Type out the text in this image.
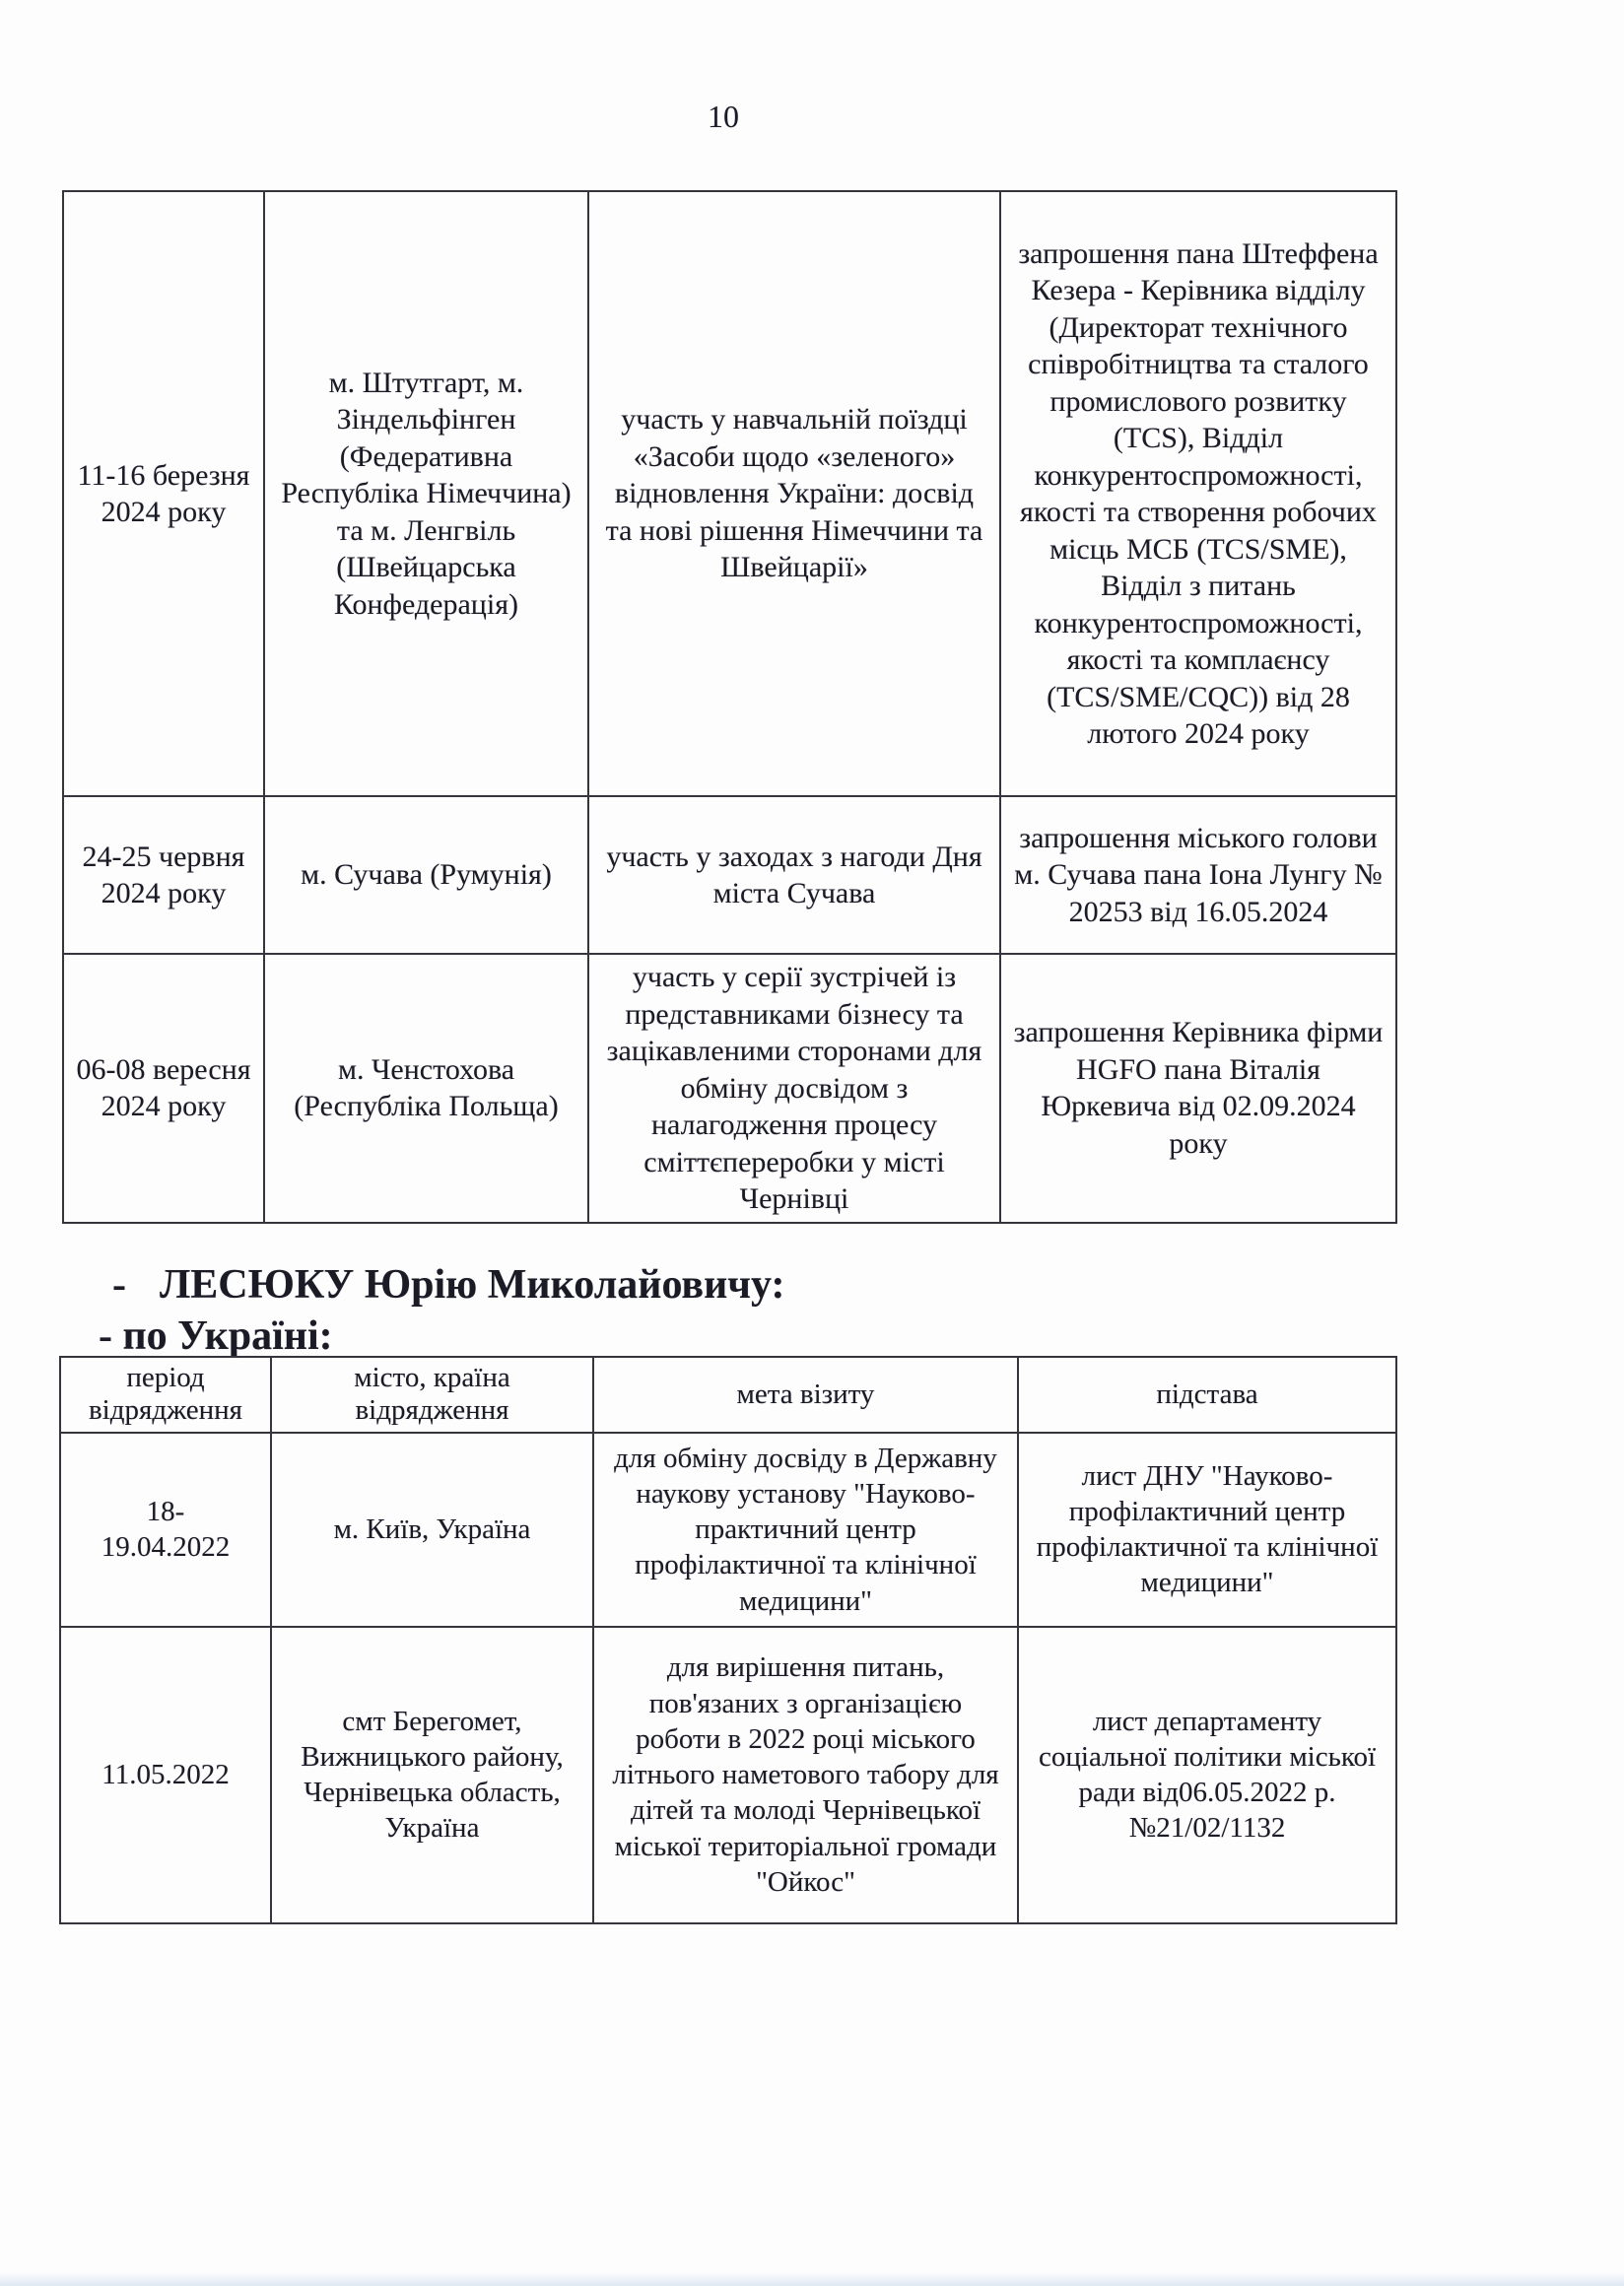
10
11-16 березня 2024 року	м. Штутгарт, м. Зіндельфінген (Федеративна Республіка Німеччина) та м. Ленгвіль (Швейцарська Конфедерація)	участь у навчальній поїздці «Засоби щодо «зеленого» відновлення України: досвід та нові рішення Німеччини та Швейцарії»	запрошення пана Штеффена Кезера - Керівника відділу (Директорат технічного співробітництва та сталого промислового розвитку (TCS), Відділ конкурентоспроможності, якості та створення робочих місць МСБ (TCS/SME), Відділ з питань конкурентоспроможності, якості та комплаєнсу (TCS/SME/CQC)) від 28 лютого 2024 року
24-25 червня 2024 року	м. Сучава (Румунія)	участь у заходах з нагоди Дня міста Сучава	запрошення міського голови м. Сучава пана Іона Лунгу № 20253 від 16.05.2024
06-08 вересня 2024 року	м. Ченстохова (Республіка Польща)	участь у серії зустрічей із представниками бізнесу та зацікавленими сторонами для обміну досвідом з налагодження процесу сміттєпереробки у місті Чернівці	запрошення Керівника фірми HGFO пана Віталія Юркевича від 02.09.2024 року
- ЛЕСЮКУ Юрію Миколайовичу:
- по Україні:
період відрядження	місто, країна відрядження	мета візиту	підстава
18-19.04.2022	м. Київ, Україна	для обміну досвіду в Державну наукову установу "Науково-практичний центр профілактичної та клінічної медицини"	лист ДНУ "Науково-профілактичний центр профілактичної та клінічної медицини"
11.05.2022	смт Берегомет, Вижницького району, Чернівецька область, Україна	для вирішення питань, пов'язаних з організацією роботи в 2022 році міського літнього наметового табору для дітей та молоді Чернівецької міської територіальної громади "Ойкос"	лист департаменту соціальної політики міської ради від06.05.2022 р. №21/02/1132
